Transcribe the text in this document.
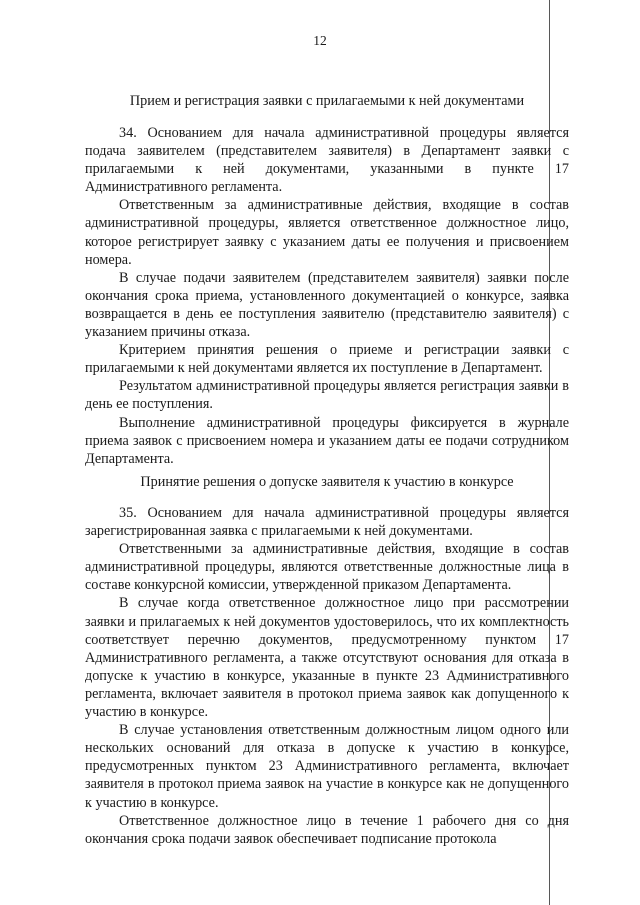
12
Прием и регистрация заявки с прилагаемыми к ней документами

34. Основанием для начала административной процедуры является подача заявителем (представителем заявителя) в Департамент заявки с прилагаемыми к ней документами, указанными в пункте 17 Административного регламента.

Ответственным за административные действия, входящие в состав административной процедуры, является ответственное должностное лицо, которое регистрирует заявку с указанием даты ее получения и присвоением номера.

В случае подачи заявителем (представителем заявителя) заявки после окончания срока приема, установленного документацией о конкурсе, заявка возвращается в день ее поступления заявителю (представителю заявителя) с указанием причины отказа.

Критерием принятия решения о приеме и регистрации заявки с прилагаемыми к ней документами является их поступление в Департамент.

Результатом административной процедуры является регистрация заявки в день ее поступления.

Выполнение административной процедуры фиксируется в журнале приема заявок с присвоением номера и указанием даты ее подачи сотрудником Департамента.

Принятие решения о допуске заявителя к участию в конкурсе

35. Основанием для начала административной процедуры является зарегистрированная заявка с прилагаемыми к ней документами.

Ответственными за административные действия, входящие в состав административной процедуры, являются ответственные должностные лица в составе конкурсной комиссии, утвержденной приказом Департамента.

В случае когда ответственное должностное лицо при рассмотрении заявки и прилагаемых к ней документов удостоверилось, что их комплектность соответствует перечню документов, предусмотренному пунктом 17 Административного регламента, а также отсутствуют основания для отказа в допуске к участию в конкурсе, указанные в пункте 23 Административного регламента, включает заявителя в протокол приема заявок как допущенного к участию в конкурсе.

В случае установления ответственным должностным лицом одного или нескольких оснований для отказа в допуске к участию в конкурсе, предусмотренных пунктом 23 Административного регламента, включает заявителя в протокол приема заявок на участие в конкурсе как не допущенного к участию в конкурсе.

Ответственное должностное лицо в течение 1 рабочего дня со дня окончания срока подачи заявок обеспечивает подписание протокола
